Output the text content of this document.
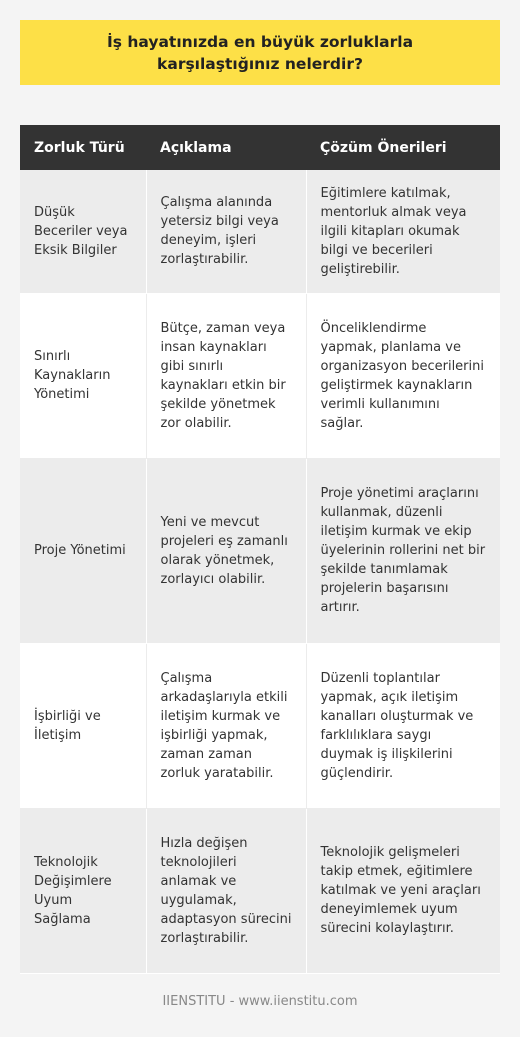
İş hayatınızda en büyük zorluklarla karşılaştığınız nelerdir?
Zorluk Türü	Açıklama	Çözüm Önerileri
Düşük Beceriler veya Eksik Bilgiler	Çalışma alanında yetersiz bilgi veya deneyim, işleri zorlaştırabilir.	Eğitimlere katılmak, mentorluk almak veya ilgili kitapları okumak bilgi ve becerileri geliştirebilir.
Sınırlı Kaynakların Yönetimi	Bütçe, zaman veya insan kaynakları gibi sınırlı kaynakları etkin bir şekilde yönetmek zor olabilir.	Önceliklendirme yapmak, planlama ve organizasyon becerilerini geliştirmek kaynakların verimli kullanımını sağlar.
Proje Yönetimi	Yeni ve mevcut projeleri eş zamanlı olarak yönetmek, zorlayıcı olabilir.	Proje yönetimi araçlarını kullanmak, düzenli iletişim kurmak ve ekip üyelerinin rollerini net bir şekilde tanımlamak projelerin başarısını artırır.
İşbirliği ve İletişim	Çalışma arkadaşlarıyla etkili iletişim kurmak ve işbirliği yapmak, zaman zaman zorluk yaratabilir.	Düzenli toplantılar yapmak, açık iletişim kanalları oluşturmak ve farklılıklara saygı duymak iş ilişkilerini güçlendirir.
Teknolojik Değişimlere Uyum Sağlama	Hızla değişen teknolojileri anlamak ve uygulamak, adaptasyon sürecini zorlaştırabilir.	Teknolojik gelişmeleri takip etmek, eğitimlere katılmak ve yeni araçları deneyimlemek uyum sürecini kolaylaştırır.
IIENSTITU - www.iienstitu.com
